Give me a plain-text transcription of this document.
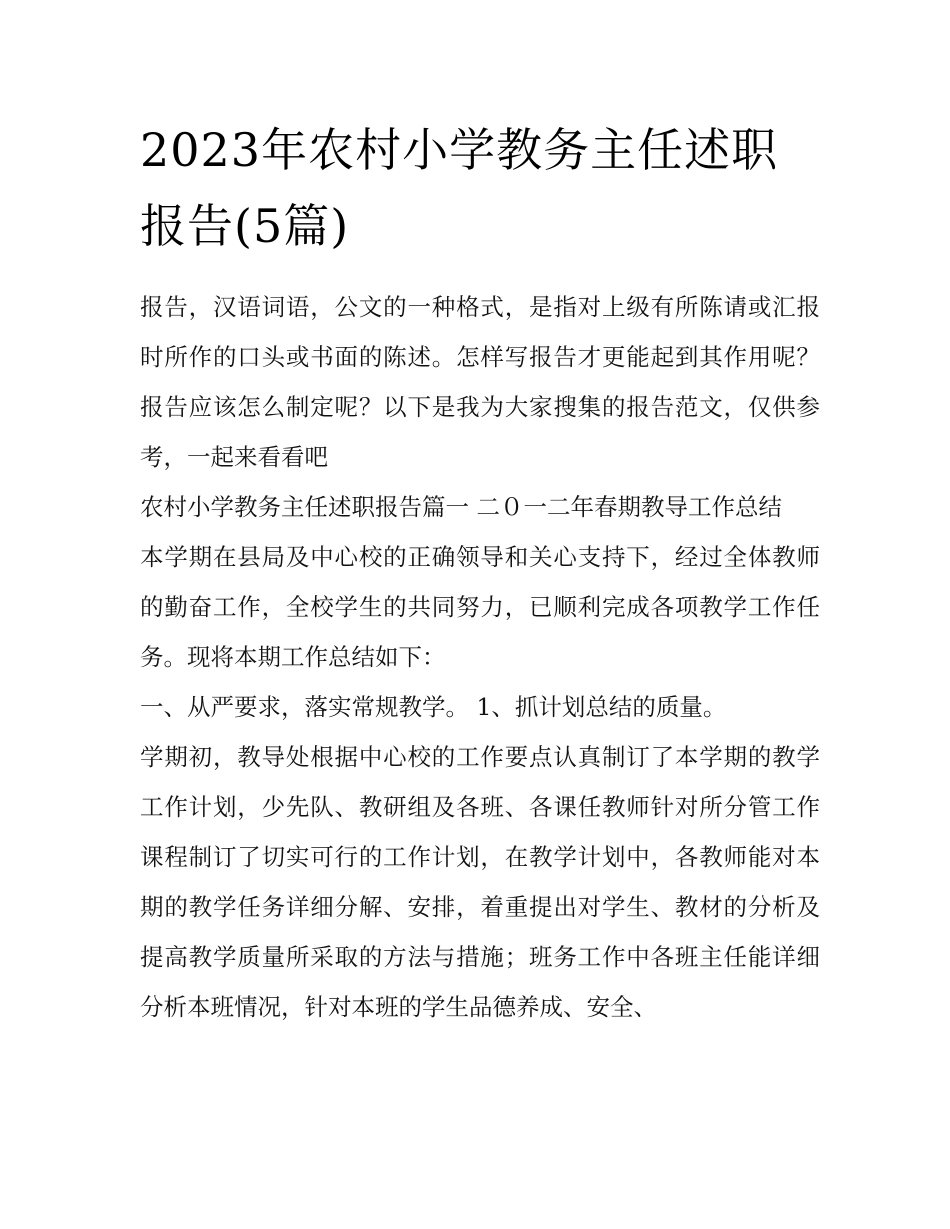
2023年农村小学教务主任述职报告(5篇)

报告，汉语词语，公文的一种格式，是指对上级有所陈请或汇报时所作的口头或书面的陈述。怎样写报告才更能起到其作用呢？报告应该怎么制定呢？以下是我为大家搜集的报告范文，仅供参考，一起来看看吧

农村小学教务主任述职报告篇一 二０一二年春期教导工作总结

本学期在县局及中心校的正确领导和关心支持下，经过全体教师的勤奋工作，全校学生的共同努力，已顺利完成各项教学工作任务。现将本期工作总结如下：

一、从严要求，落实常规教学。 1、抓计划总结的质量。

学期初，教导处根据中心校的工作要点认真制订了本学期的教学工作计划，少先队、教研组及各班、各课任教师针对所分管工作课程制订了切实可行的工作计划，在教学计划中，各教师能对本期的教学任务详细分解、安排，着重提出对学生、教材的分析及提高教学质量所采取的方法与措施；班务工作中各班主任能详细分析本班情况，针对本班的学生品德养成、安全、
